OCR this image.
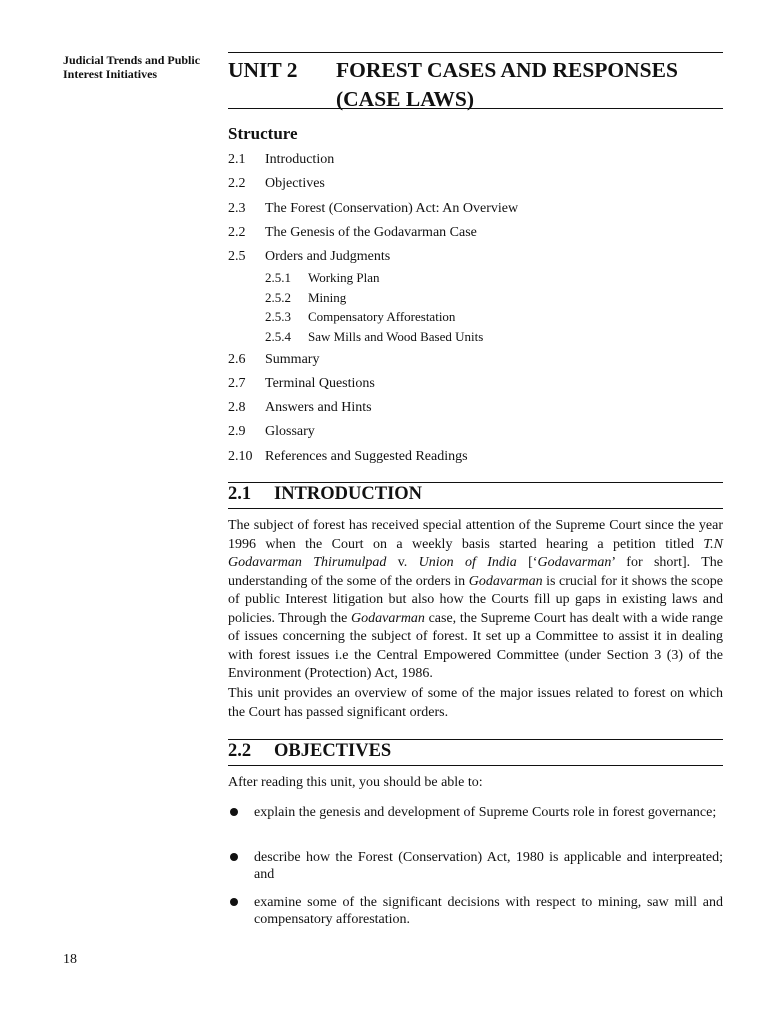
Judicial Trends and Public Interest Initiatives	UNIT 2 FOREST CASES AND RESPONSES (CASE LAWS)
Structure
2.1 Introduction
2.2 Objectives
2.3 The Forest (Conservation) Act: An Overview
2.2 The Genesis of the Godavarman Case
2.5 Orders and Judgments
2.5.1 Working Plan
2.5.2 Mining
2.5.3 Compensatory Afforestation
2.5.4 Saw Mills and Wood Based Units
2.6 Summary
2.7 Terminal Questions
2.8 Answers and Hints
2.9 Glossary
2.10 References and Suggested Readings
2.1 INTRODUCTION

The subject of forest has received special attention of the Supreme Court since the year 1996 when the Court on a weekly basis started hearing a petition titled T.N Godavarman Thirumulpad v. Union of India [‘Godavarman’ for short]. The understanding of the some of the orders in Godavarman is crucial for it shows the scope of public Interest litigation but also how the Courts fill up gaps in existing laws and policies. Through the Godavarman case, the Supreme Court has dealt with a wide range of issues concerning the subject of forest. It set up a Committee to assist it in dealing with forest issues i.e the Central Empowered Committee (under Section 3 (3) of the Environment (Protection) Act, 1986.

This unit provides an overview of some of the major issues related to forest on which the Court has passed significant orders.

2.2 OBJECTIVES

After reading this unit, you should be able to:

explain the genesis and development of Supreme Courts role in forest governance;
describe how the Forest (Conservation) Act, 1980 is applicable and interpreated; and
examine some of the significant decisions with respect to mining, saw mill and compensatory afforestation.
18
